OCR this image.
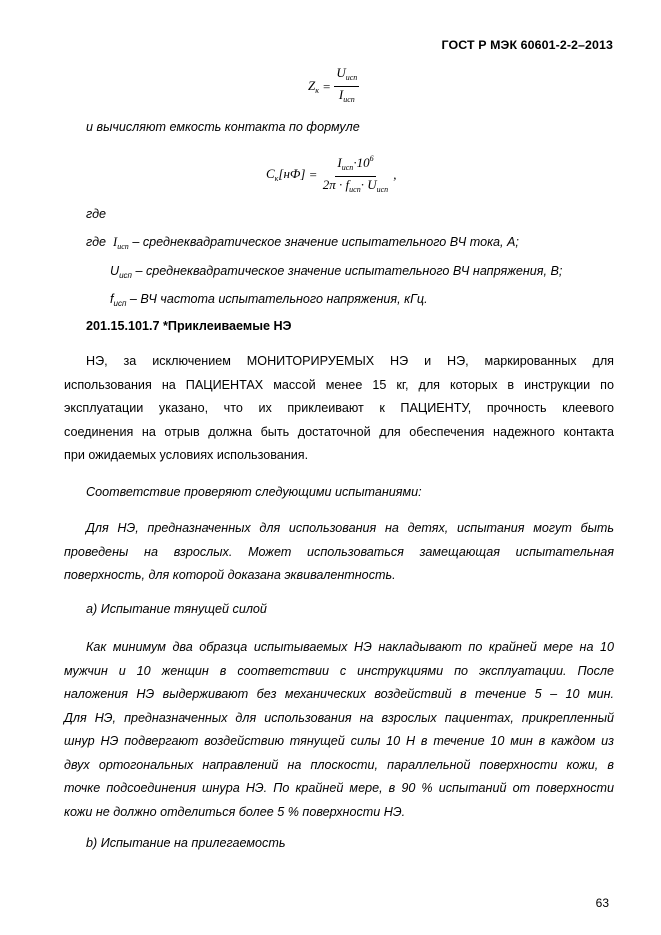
ГОСТ Р МЭК 60601-2-2–2013
$Z_к = \frac{U_{исп}}{I_{исп}}$
и вычисляют емкость контакта по формуле
$C_к[нФ] = \frac{I_{исп}\cdot 10^6}{2\pi \cdot f_{исп}\cdot U_{исп}}$ ,
где
где $I_{исп}$ – среднеквадратическое значение испытательного ВЧ тока, А;
$U_{исп}$ – среднеквадратическое значение испытательного ВЧ напряжения, В;
$f_{исп}$ – ВЧ частота испытательного напряжения, кГц.
201.15.101.7 *Приклеиваемые НЭ
НЭ, за исключением МОНИТОРИРУЕМЫХ НЭ и НЭ, маркированных для
использования на ПАЦИЕНТАХ массой менее 15 кг, для которых в инструкции по
эксплуатации указано, что их приклеивают к ПАЦИЕНТУ, прочность клеевого
соединения на отрыв должна быть достаточной для обеспечения надежного контакта
при ожидаемых условиях использования.
Соответствие проверяют следующими испытаниями:
Для НЭ, предназначенных для использования на детях, испытания могут быть
проведены на взрослых. Может использоваться замещающая испытательная
поверхность, для которой доказана эквивалентность.
а) Испытание тянущей силой
Как минимум два образца испытываемых НЭ накладывают по крайней мере на 10
мужчин и 10 женщин в соответствии с инструкциями по эксплуатации. После
наложения НЭ выдерживают без механических воздействий в течение 5 – 10 мин.
Для НЭ, предназначенных для использования на взрослых пациентах, прикрепленный
шнур НЭ подвергают воздействию тянущей силы 10 Н в течение 10 мин в каждом из
двух ортогональных направлений на плоскости, параллельной поверхности кожи, в
точке подсоединения шнура НЭ. По крайней мере, в 90 % испытаний от поверхности
кожи не должно отделиться более 5 % поверхности НЭ.
b) Испытание на прилегаемость
63
